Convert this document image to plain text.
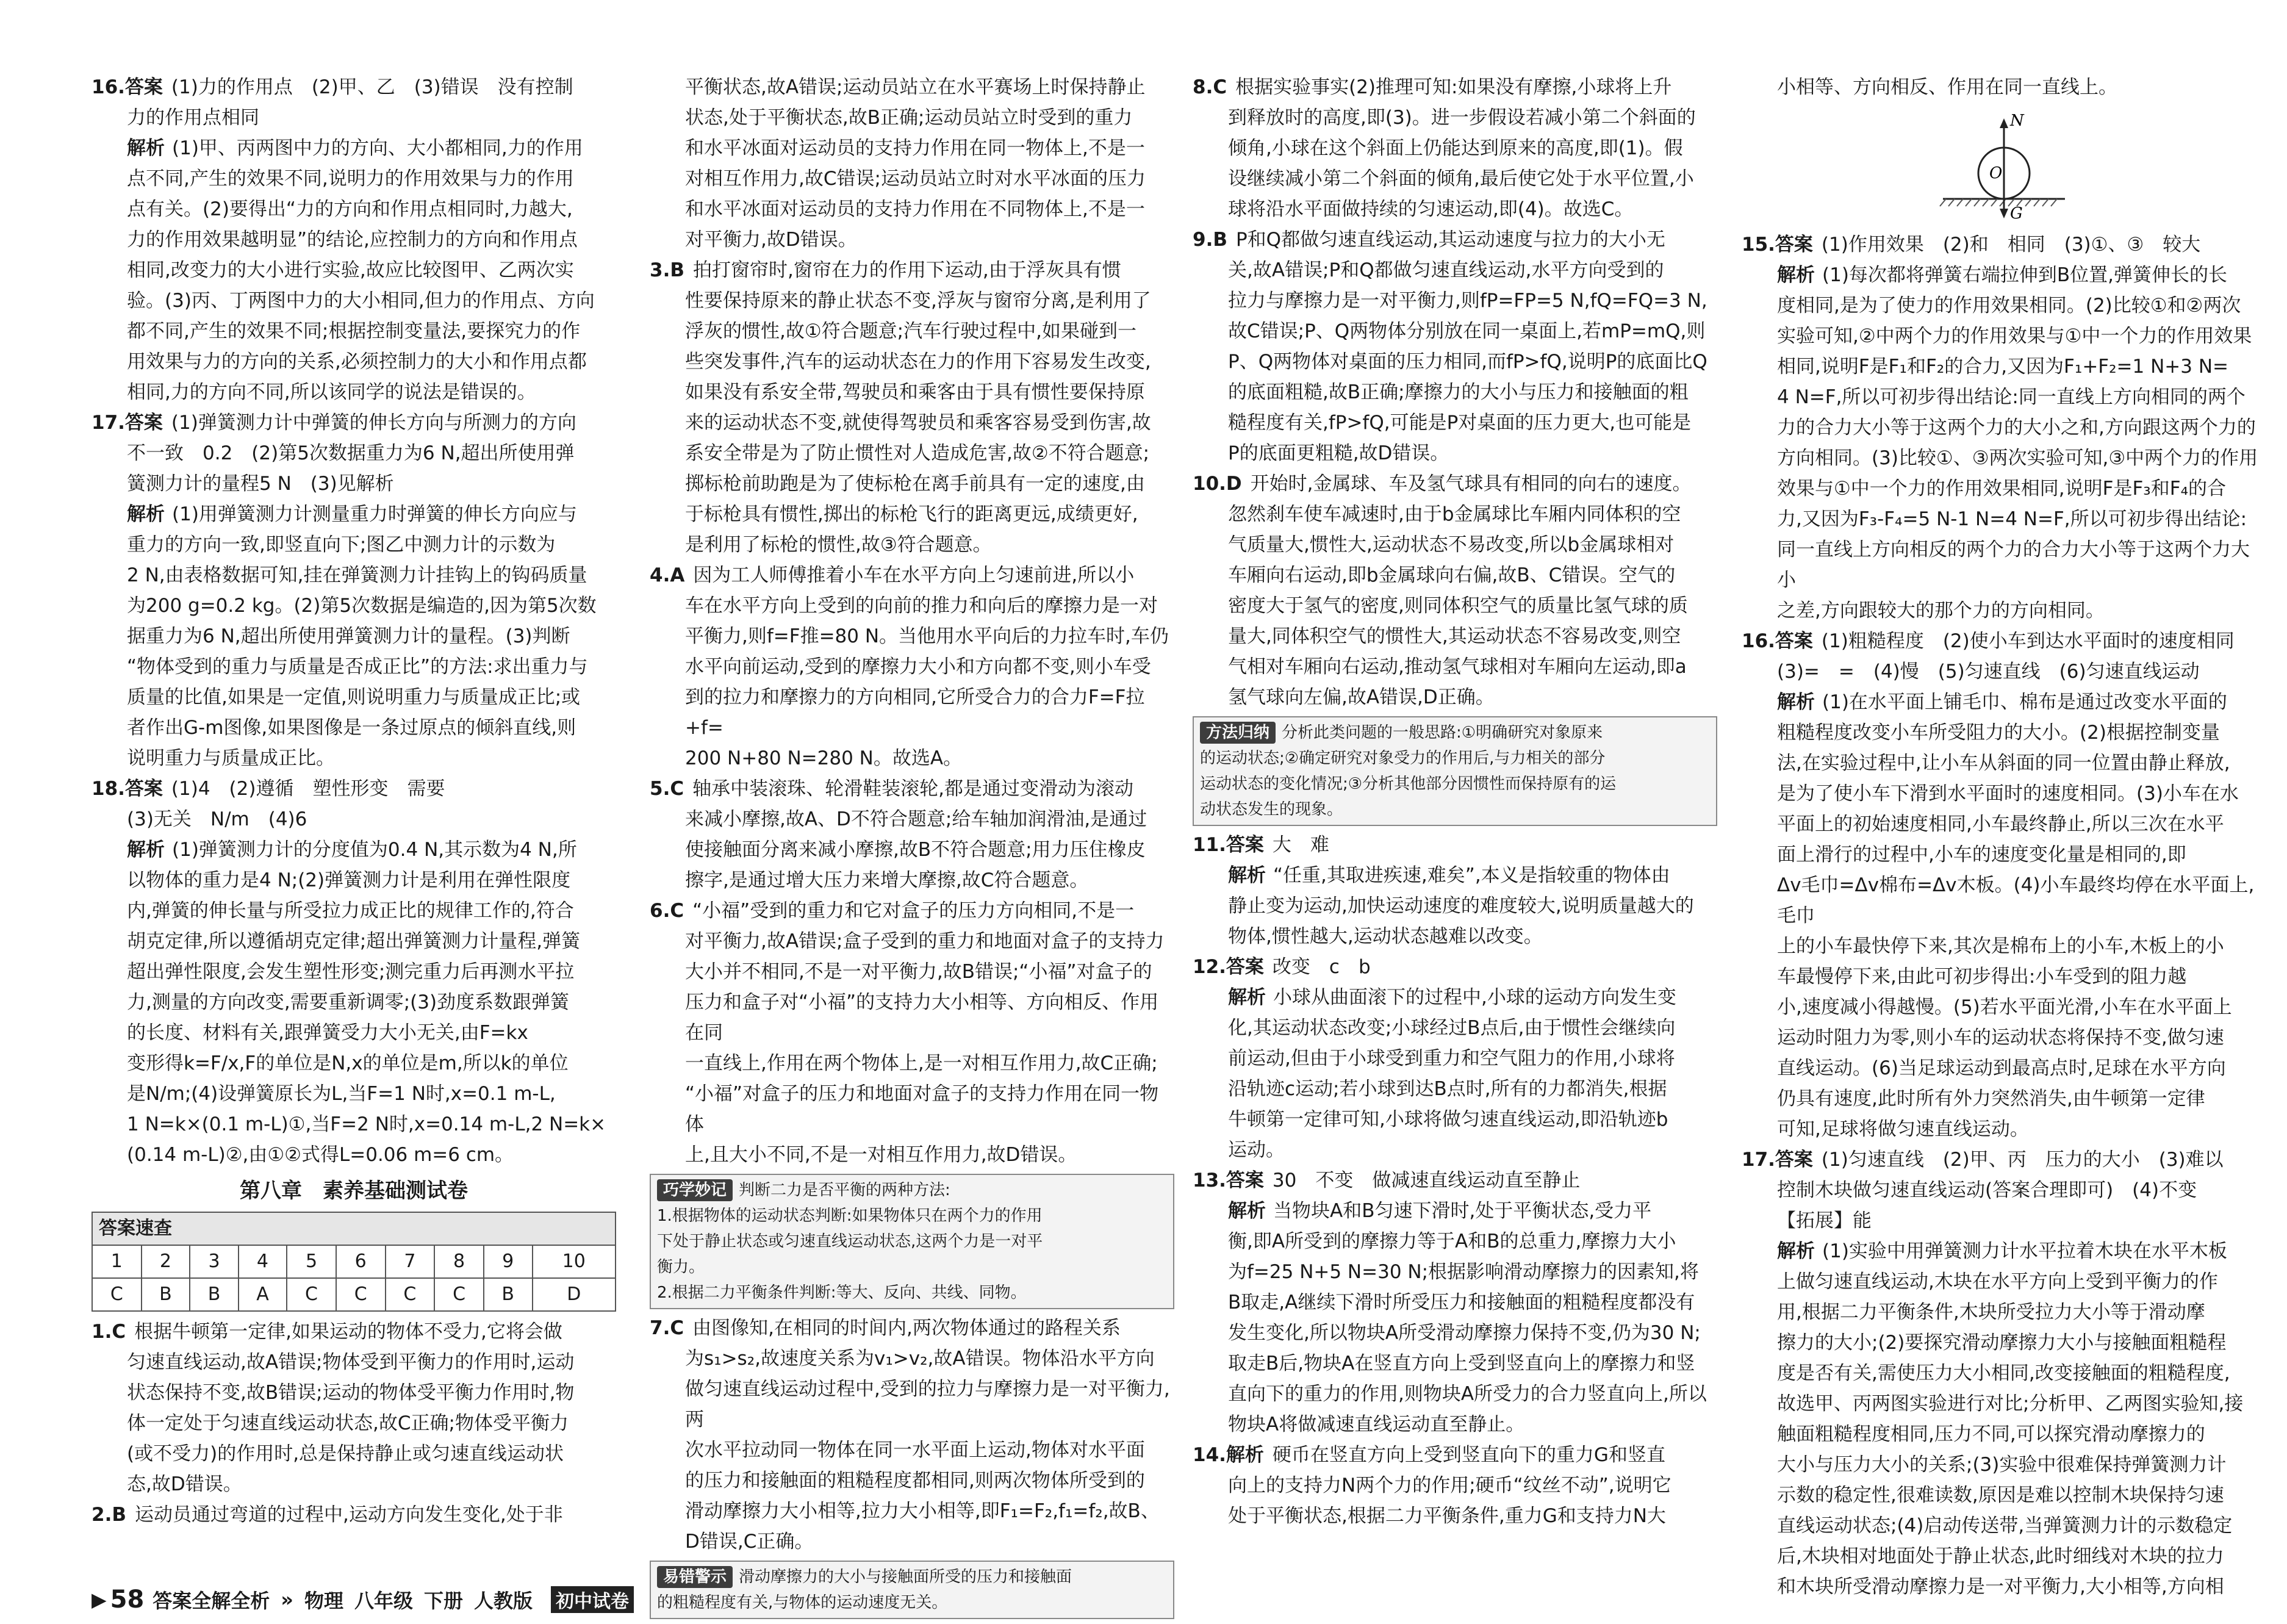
16.答案 (1)力的作用点　(2)甲、乙　(3)错误　没有控制
力的作用点相同
解析 (1)甲、丙两图中力的方向、大小都相同,力的作用
点不同,产生的效果不同,说明力的作用效果与力的作用
点有关。(2)要得出“力的方向和作用点相同时,力越大,
力的作用效果越明显”的结论,应控制力的方向和作用点
相同,改变力的大小进行实验,故应比较图甲、乙两次实
验。(3)丙、丁两图中力的大小相同,但力的作用点、方向
都不同,产生的效果不同;根据控制变量法,要探究力的作
用效果与力的方向的关系,必须控制力的大小和作用点都
相同,力的方向不同,所以该同学的说法是错误的。
17.答案 (1)弹簧测力计中弹簧的伸长方向与所测力的方向
不一致　0.2　(2)第5次数据重力为6 N,超出所使用弹
簧测力计的量程5 N　(3)见解析
解析 (1)用弹簧测力计测量重力时弹簧的伸长方向应与
重力的方向一致,即竖直向下;图乙中测力计的示数为
2 N,由表格数据可知,挂在弹簧测力计挂钩上的钩码质量
为200 g=0.2 kg。(2)第5次数据是编造的,因为第5次数
据重力为6 N,超出所使用弹簧测力计的量程。(3)判断
“物体受到的重力与质量是否成正比”的方法:求出重力与
质量的比值,如果是一定值,则说明重力与质量成正比;或
者作出G-m图像,如果图像是一条过原点的倾斜直线,则
说明重力与质量成正比。
18.答案 (1)4　(2)遵循　塑性形变　需要
(3)无关　N/m　(4)6
解析 (1)弹簧测力计的分度值为0.4 N,其示数为4 N,所
以物体的重力是4 N;(2)弹簧测力计是利用在弹性限度
内,弹簧的伸长量与所受拉力成正比的规律工作的,符合
胡克定律,所以遵循胡克定律;超出弹簧测力计量程,弹簧
超出弹性限度,会发生塑性形变;测完重力后再测水平拉
力,测量的方向改变,需要重新调零;(3)劲度系数跟弹簧
的长度、材料有关,跟弹簧受力大小无关,由F=kx
变形得k=F/x,F的单位是N,x的单位是m,所以k的单位
是N/m;(4)设弹簧原长为L,当F=1 N时,x=0.1 m-L,
1 N=k×(0.1 m-L)①,当F=2 N时,x=0.14 m-L,2 N=k×
(0.14 m-L)②,由①②式得L=0.06 m=6 cm。
第八章　素养基础测试卷
答案速查									
1	2	3	4	5	6	7	8	9	10
C	B	B	A	C	C	C	C	B	D
1.C 根据牛顿第一定律,如果运动的物体不受力,它将会做
匀速直线运动,故A错误;物体受到平衡力的作用时,运动
状态保持不变,故B错误;运动的物体受平衡力作用时,物
体一定处于匀速直线运动状态,故C正确;物体受平衡力
(或不受力)的作用时,总是保持静止或匀速直线运动状
态,故D错误。
2.B 运动员通过弯道的过程中,运动方向发生变化,处于非
平衡状态,故A错误;运动员站立在水平赛场上时保持静止
状态,处于平衡状态,故B正确;运动员站立时受到的重力
和水平冰面对运动员的支持力作用在同一物体上,不是一
对相互作用力,故C错误;运动员站立时对水平冰面的压力
和水平冰面对运动员的支持力作用在不同物体上,不是一
对平衡力,故D错误。
3.B 拍打窗帘时,窗帘在力的作用下运动,由于浮灰具有惯
性要保持原来的静止状态不变,浮灰与窗帘分离,是利用了
浮灰的惯性,故①符合题意;汽车行驶过程中,如果碰到一
些突发事件,汽车的运动状态在力的作用下容易发生改变,
如果没有系安全带,驾驶员和乘客由于具有惯性要保持原
来的运动状态不变,就使得驾驶员和乘客容易受到伤害,故
系安全带是为了防止惯性对人造成危害,故②不符合题意;
掷标枪前助跑是为了使标枪在离手前具有一定的速度,由
于标枪具有惯性,掷出的标枪飞行的距离更远,成绩更好,
是利用了标枪的惯性,故③符合题意。
4.A 因为工人师傅推着小车在水平方向上匀速前进,所以小
车在水平方向上受到的向前的推力和向后的摩擦力是一对
平衡力,则f=F推=80 N。当他用水平向后的力拉车时,车仍
水平向前运动,受到的摩擦力大小和方向都不变,则小车受
到的拉力和摩擦力的方向相同,它所受合力的合力F=F拉+f=
200 N+80 N=280 N。故选A。
5.C 轴承中装滚珠、轮滑鞋装滚轮,都是通过变滑动为滚动
来减小摩擦,故A、D不符合题意;给车轴加润滑油,是通过
使接触面分离来减小摩擦,故B不符合题意;用力压住橡皮
擦字,是通过增大压力来增大摩擦,故C符合题意。
6.C “小福”受到的重力和它对盒子的压力方向相同,不是一
对平衡力,故A错误;盒子受到的重力和地面对盒子的支持力
大小并不相同,不是一对平衡力,故B错误;“小福”对盒子的
压力和盒子对“小福”的支持力大小相等、方向相反、作用在同
一直线上,作用在两个物体上,是一对相互作用力,故C正确;
“小福”对盒子的压力和地面对盒子的支持力作用在同一物体
上,且大小不同,不是一对相互作用力,故D错误。
巧学妙记 判断二力是否平衡的两种方法:
1.根据物体的运动状态判断:如果物体只在两个力的作用
下处于静止状态或匀速直线运动状态,这两个力是一对平
衡力。
2.根据二力平衡条件判断:等大、反向、共线、同物。
7.C 由图像知,在相同的时间内,两次物体通过的路程关系
为s₁>s₂,故速度关系为v₁>v₂,故A错误。物体沿水平方向
做匀速直线运动过程中,受到的拉力与摩擦力是一对平衡力,两
次水平拉动同一物体在同一水平面上运动,物体对水平面
的压力和接触面的粗糙程度都相同,则两次物体所受到的
滑动摩擦力大小相等,拉力大小相等,即F₁=F₂,f₁=f₂,故B、
D错误,C正确。
易错警示 滑动摩擦力的大小与接触面所受的压力和接触面
的粗糙程度有关,与物体的运动速度无关。
8.C 根据实验事实(2)推理可知:如果没有摩擦,小球将上升
到释放时的高度,即(3)。进一步假设若减小第二个斜面的
倾角,小球在这个斜面上仍能达到原来的高度,即(1)。假
设继续减小第二个斜面的倾角,最后使它处于水平位置,小
球将沿水平面做持续的匀速运动,即(4)。故选C。
9.B P和Q都做匀速直线运动,其运动速度与拉力的大小无
关,故A错误;P和Q都做匀速直线运动,水平方向受到的
拉力与摩擦力是一对平衡力,则fP=FP=5 N,fQ=FQ=3 N,
故C错误;P、Q两物体分别放在同一桌面上,若mP=mQ,则
P、Q两物体对桌面的压力相同,而fP>fQ,说明P的底面比Q
的底面粗糙,故B正确;摩擦力的大小与压力和接触面的粗
糙程度有关,fP>fQ,可能是P对桌面的压力更大,也可能是
P的底面更粗糙,故D错误。
10.D 开始时,金属球、车及氢气球具有相同的向右的速度。
忽然刹车使车减速时,由于b金属球比车厢内同体积的空
气质量大,惯性大,运动状态不易改变,所以b金属球相对
车厢向右运动,即b金属球向右偏,故B、C错误。空气的
密度大于氢气的密度,则同体积空气的质量比氢气球的质
量大,同体积空气的惯性大,其运动状态不容易改变,则空
气相对车厢向右运动,推动氢气球相对车厢向左运动,即a
氢气球向左偏,故A错误,D正确。
方法归纳 分析此类问题的一般思路:①明确研究对象原来
的运动状态;②确定研究对象受力的作用后,与力相关的部分
运动状态的变化情况;③分析其他部分因惯性而保持原有的运
动状态发生的现象。
11.答案 大　难
解析 “任重,其取进疾速,难矣”,本义是指较重的物体由
静止变为运动,加快运动速度的难度较大,说明质量越大的
物体,惯性越大,运动状态越难以改变。
12.答案 改变　c　b
解析 小球从曲面滚下的过程中,小球的运动方向发生变
化,其运动状态改变;小球经过B点后,由于惯性会继续向
前运动,但由于小球受到重力和空气阻力的作用,小球将
沿轨迹c运动;若小球到达B点时,所有的力都消失,根据
牛顿第一定律可知,小球将做匀速直线运动,即沿轨迹b
运动。
13.答案 30　不变　做减速直线运动直至静止
解析 当物块A和B匀速下滑时,处于平衡状态,受力平
衡,即A所受到的摩擦力等于A和B的总重力,摩擦力大小
为f=25 N+5 N=30 N;根据影响滑动摩擦力的因素知,将
B取走,A继续下滑时所受压力和接触面的粗糙程度都没有
发生变化,所以物块A所受滑动摩擦力保持不变,仍为30 N;
取走B后,物块A在竖直方向上受到竖直向上的摩擦力和竖
直向下的重力的作用,则物块A所受力的合力竖直向上,所以
物块A将做减速直线运动直至静止。
14.解析 硬币在竖直方向上受到竖直向下的重力G和竖直
向上的支持力N两个力的作用;硬币“纹丝不动”,说明它
处于平衡状态,根据二力平衡条件,重力G和支持力N大
小相等、方向相反、作用在同一直线上。
N
O
G
15.答案 (1)作用效果　(2)和　相同　(3)①、③　较大
解析 (1)每次都将弹簧右端拉伸到B位置,弹簧伸长的长
度相同,是为了使力的作用效果相同。(2)比较①和②两次
实验可知,②中两个力的作用效果与①中一个力的作用效果
相同,说明F是F₁和F₂的合力,又因为F₁+F₂=1 N+3 N=
4 N=F,所以可初步得出结论:同一直线上方向相同的两个
力的合力大小等于这两个力的大小之和,方向跟这两个力的
方向相同。(3)比较①、③两次实验可知,③中两个力的作用
效果与①中一个力的作用效果相同,说明F是F₃和F₄的合
力,又因为F₃-F₄=5 N-1 N=4 N=F,所以可初步得出结论:
同一直线上方向相反的两个力的合力大小等于这两个力大小
之差,方向跟较大的那个力的方向相同。
16.答案 (1)粗糙程度　(2)使小车到达水平面时的速度相同
(3)=　=　(4)慢　(5)匀速直线　(6)匀速直线运动
解析 (1)在水平面上铺毛巾、棉布是通过改变水平面的
粗糙程度改变小车所受阻力的大小。(2)根据控制变量
法,在实验过程中,让小车从斜面的同一位置由静止释放,
是为了使小车下滑到水平面时的速度相同。(3)小车在水
平面上的初始速度相同,小车最终静止,所以三次在水平
面上滑行的过程中,小车的速度变化量是相同的,即
Δv毛巾=Δv棉布=Δv木板。(4)小车最终均停在水平面上,毛巾
上的小车最快停下来,其次是棉布上的小车,木板上的小
车最慢停下来,由此可初步得出:小车受到的阻力越
小,速度减小得越慢。(5)若水平面光滑,小车在水平面上
运动时阻力为零,则小车的运动状态将保持不变,做匀速
直线运动。(6)当足球运动到最高点时,足球在水平方向
仍具有速度,此时所有外力突然消失,由牛顿第一定律
可知,足球将做匀速直线运动。
17.答案 (1)匀速直线　(2)甲、丙　压力的大小　(3)难以
控制木块做匀速直线运动(答案合理即可)　(4)不变
【拓展】能
解析 (1)实验中用弹簧测力计水平拉着木块在水平木板
上做匀速直线运动,木块在水平方向上受到平衡力的作
用,根据二力平衡条件,木块所受拉力大小等于滑动摩
擦力的大小;(2)要探究滑动摩擦力大小与接触面粗糙程
度是否有关,需使压力大小相同,改变接触面的粗糙程度,
故选甲、丙两图实验进行对比;分析甲、乙两图实验知,接
触面粗糙程度相同,压力不同,可以探究滑动摩擦力的
大小与压力大小的关系;(3)实验中很难保持弹簧测力计
示数的稳定性,很难读数,原因是难以控制木块保持匀速
直线运动状态;(4)启动传送带,当弹簧测力计的示数稳定
后,木块相对地面处于静止状态,此时细线对木块的拉力
和木块所受滑动摩擦力是一对平衡力,大小相等,方向相
▶ 58 答案全解全析 » 物理 八年级 下册 人教版 初中试卷
